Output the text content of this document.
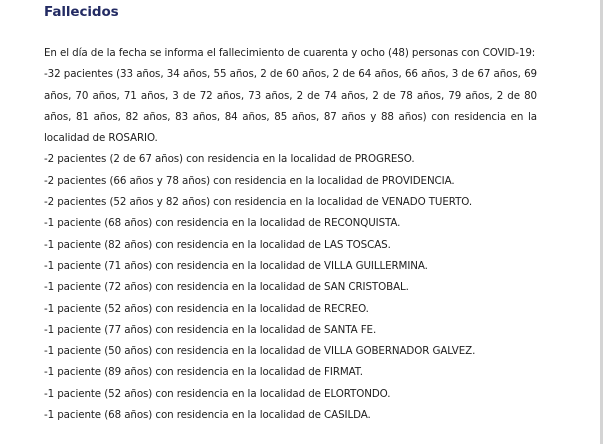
Fallecidos

En el día de la fecha se informa el fallecimiento de cuarenta y ocho (48) personas con COVID-19:

-32 pacientes (33 años, 34 años, 55 años, 2 de 60 años, 2 de 64 años, 66 años, 3 de 67 años, 69 años, 70 años, 71 años, 3 de 72 años, 73 años, 2 de 74 años, 2 de 78 años, 79 años, 2 de 80 años, 81 años, 82 años, 83 años, 84 años, 85 años, 87 años y 88 años) con residencia en la localidad de ROSARIO.

-2 pacientes (2 de 67 años) con residencia en la localidad de PROGRESO.

-2 pacientes (66 años y 78 años) con residencia en la localidad de PROVIDENCIA.

-2 pacientes (52 años y 82 años) con residencia en la localidad de VENADO TUERTO.

-1 paciente (68 años) con residencia en la localidad de RECONQUISTA.

-1 paciente (82 años) con residencia en la localidad de LAS TOSCAS.

-1 paciente (71 años) con residencia en la localidad de VILLA GUILLERMINA.

-1 paciente (72 años) con residencia en la localidad de SAN CRISTOBAL.

-1 paciente (52 años) con residencia en la localidad de RECREO.

-1 paciente (77 años) con residencia en la localidad de SANTA FE.

-1 paciente (50 años) con residencia en la localidad de VILLA GOBERNADOR GALVEZ.

-1 paciente (89 años) con residencia en la localidad de FIRMAT.

-1 paciente (52 años) con residencia en la localidad de ELORTONDO.

-1 paciente (68 años) con residencia en la localidad de CASILDA.
